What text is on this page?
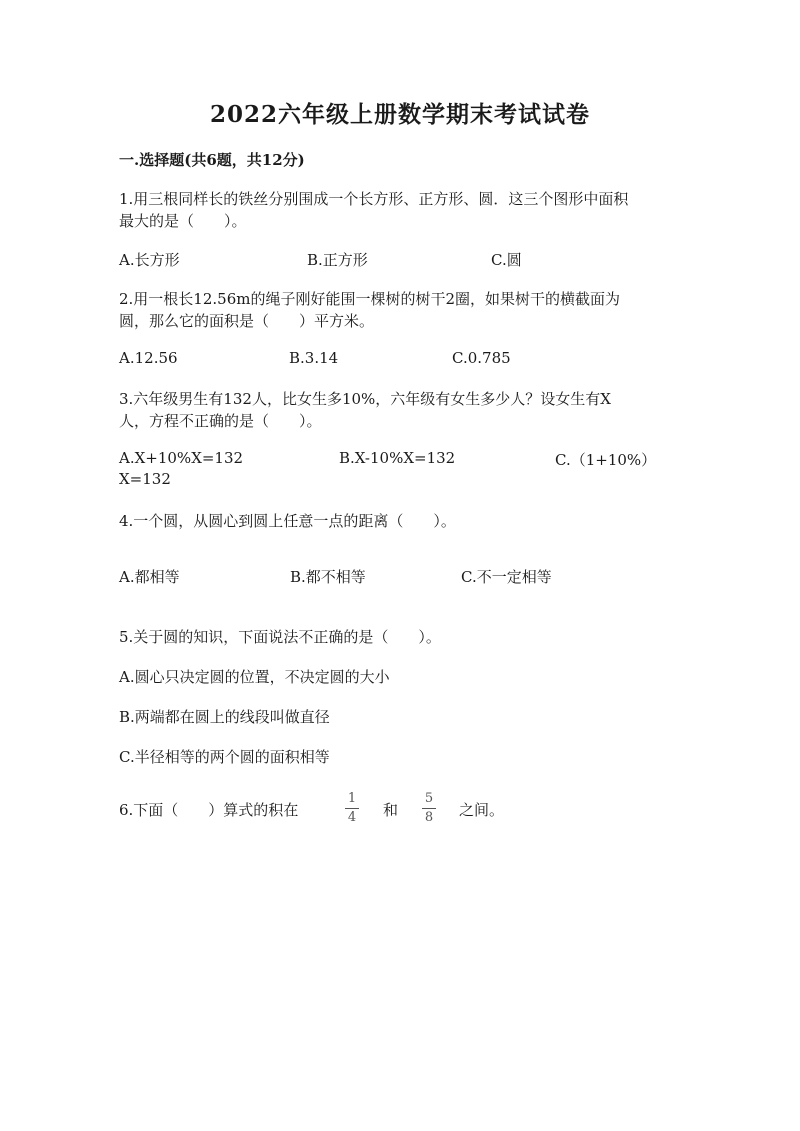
2022六年级上册数学期末考试试卷
一.选择题(共6题，共12分)
1.用三根同样长的铁丝分别围成一个长方形、正方形、圆．这三个图形中面积
最大的是（　　）。
A.长方形	B.正方形	C.圆
2.用一根长12.56m的绳子刚好能围一棵树的树干2圈，如果树干的横截面为
圆，那么它的面积是（　　）平方米。
A.12.56	B.3.14	C.0.785
3.六年级男生有132人，比女生多10%，六年级有女生多少人？设女生有X
人，方程不正确的是（　　）。
A.X+10%X=132	B.X-10%X=132	C.（1+10%）
X=132
4.一个圆，从圆心到圆上任意一点的距离（　　）。
A.都相等	B.都不相等	C.不一定相等
5.关于圆的知识，下面说法不正确的是（　　）。
A.圆心只决定圆的位置，不决定圆的大小
B.两端都在圆上的线段叫做直径
C.半径相等的两个圆的面积相等
6.下面（　　）算式的积在
1
4 和
5
8 之间。
